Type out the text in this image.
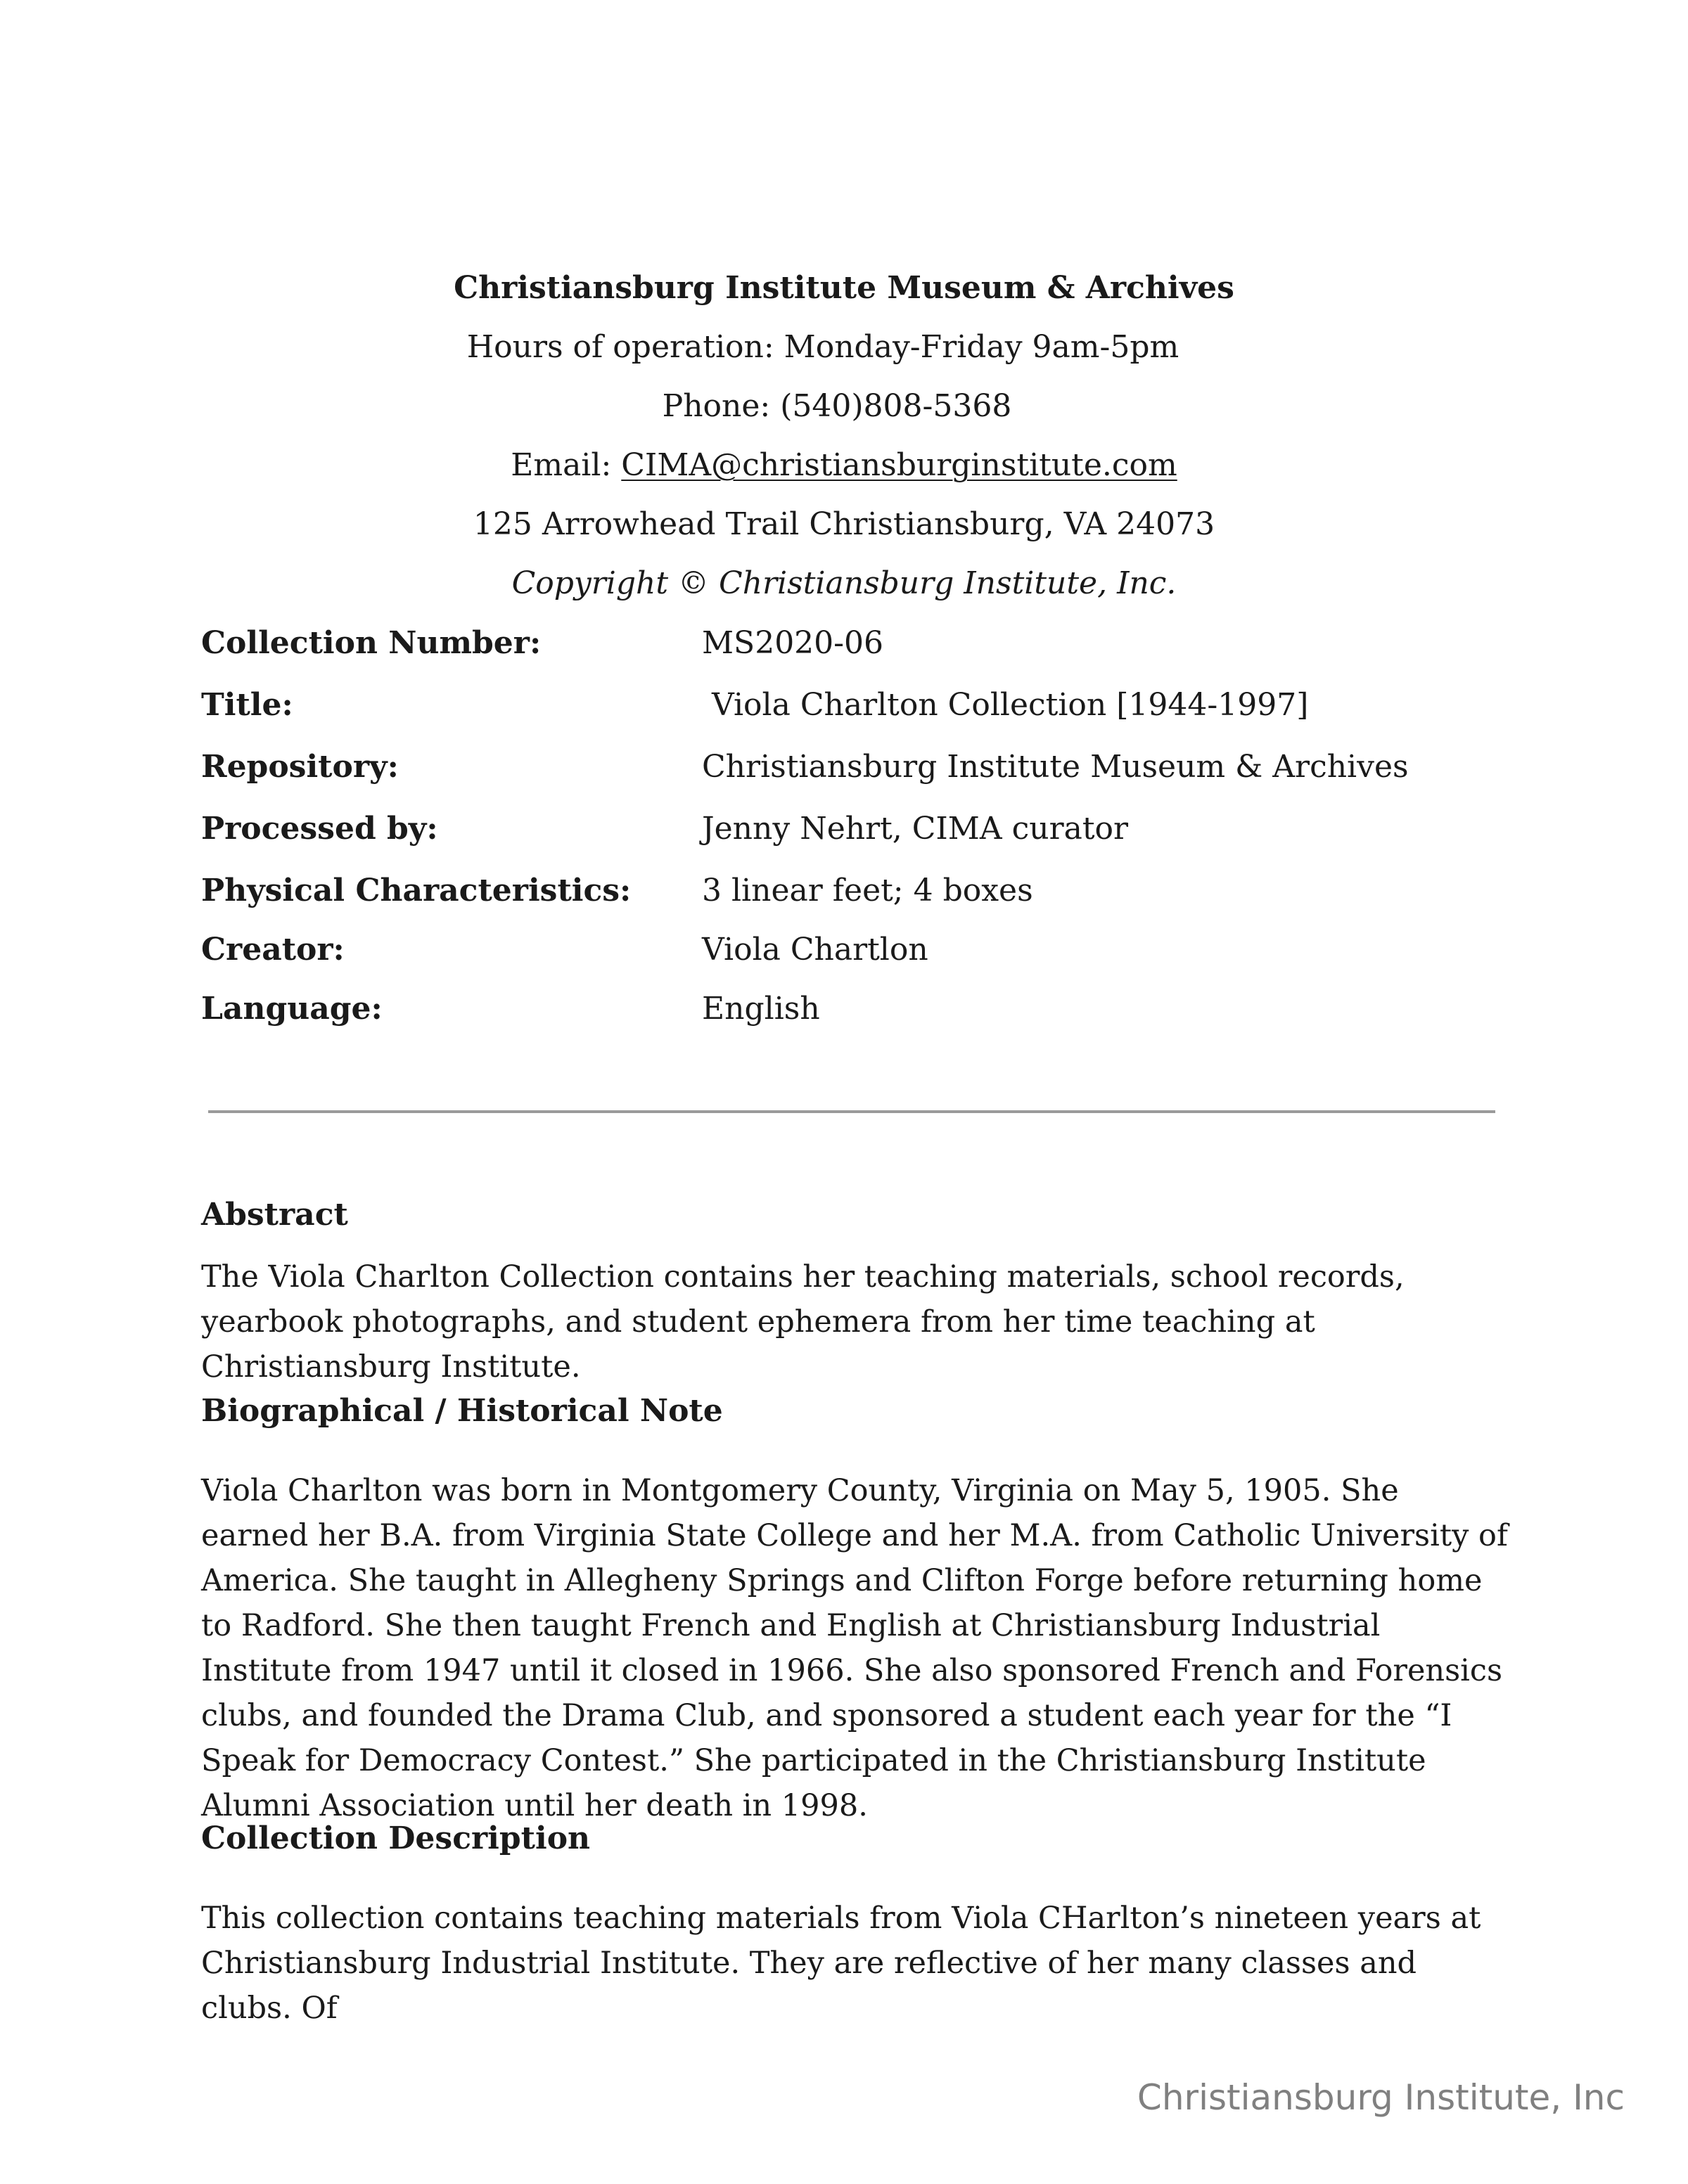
Christiansburg Institute Museum & Archives
Hours of operation: Monday-Friday 9am-5pm
Phone: (540)808-5368
Email: CIMA@christiansburginstitute.com
125 Arrowhead Trail Christiansburg, VA 24073
Copyright © Christiansburg Institute, Inc.
Collection Number:	MS2020-06
Title:	Viola Charlton Collection [1944-1997]
Repository:	Christiansburg Institute Museum & Archives
Processed by:	Jenny Nehrt, CIMA curator
Physical Characteristics: 3 linear feet; 4 boxes
Creator:	Viola Chartlon
Language:	English
Abstract
The Viola Charlton Collection contains her teaching materials, school records, yearbook photographs, and student ephemera from her time teaching at Christiansburg Institute.
Biographical / Historical Note
Viola Charlton was born in Montgomery County, Virginia on May 5, 1905. She earned her B.A. from Virginia State College and her M.A. from Catholic University of America. She taught in Allegheny Springs and Clifton Forge before returning home to Radford. She then taught French and English at Christiansburg Industrial Institute from 1947 until it closed in 1966. She also sponsored French and Forensics clubs, and founded the Drama Club, and sponsored a student each year for the “I Speak for Democracy Contest.” She participated in the Christiansburg Institute Alumni Association until her death in 1998.
Collection Description
This collection contains teaching materials from Viola CHarlton’s nineteen years at Christiansburg Industrial Institute. They are reflective of her many classes and clubs. Of
Christiansburg Institute, Inc
